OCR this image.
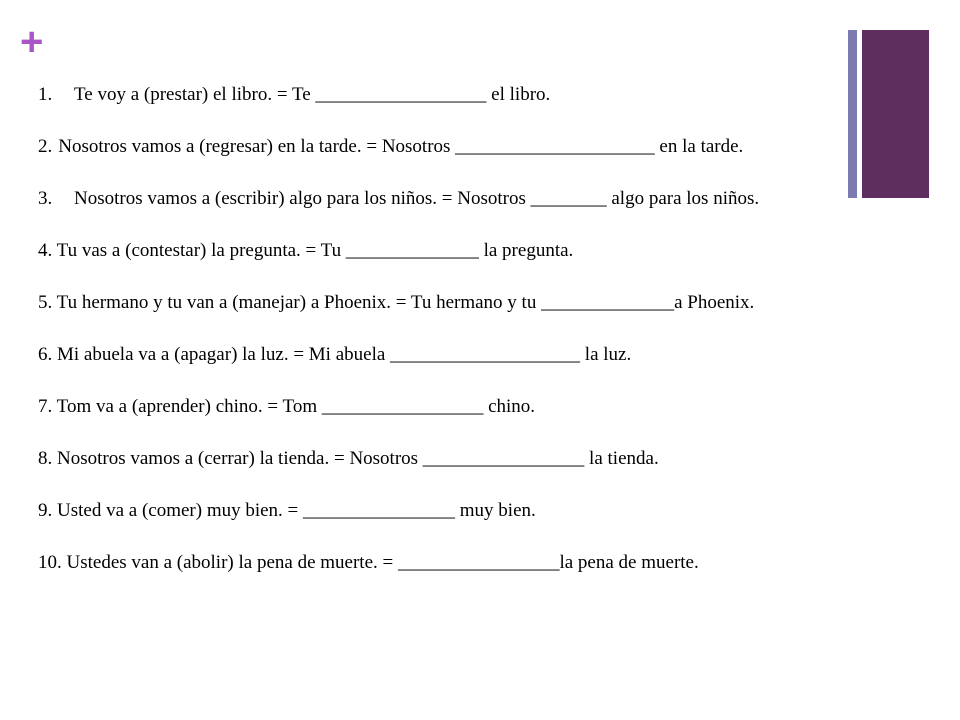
+

1. Te voy a (prestar) el libro. = Te __________________ el libro.

2. Nosotros vamos a (regresar) en la tarde. = Nosotros _____________________ en la tarde.

3. Nosotros vamos a (escribir) algo para los niños. = Nosotros ________ algo para los niños.

4. Tu vas a (contestar) la pregunta. = Tu ______________ la pregunta.

5. Tu hermano y tu van a (manejar) a Phoenix. = Tu hermano y tu ______________a Phoenix.

6. Mi abuela va a (apagar) la luz. = Mi abuela ____________________ la luz.

7. Tom va a (aprender) chino. = Tom _________________ chino.

8. Nosotros vamos a (cerrar) la tienda. = Nosotros _________________ la tienda.

9. Usted va a (comer) muy bien. = ________________ muy bien.

10. Ustedes van a (abolir) la pena de muerte. = _________________la pena de muerte.
